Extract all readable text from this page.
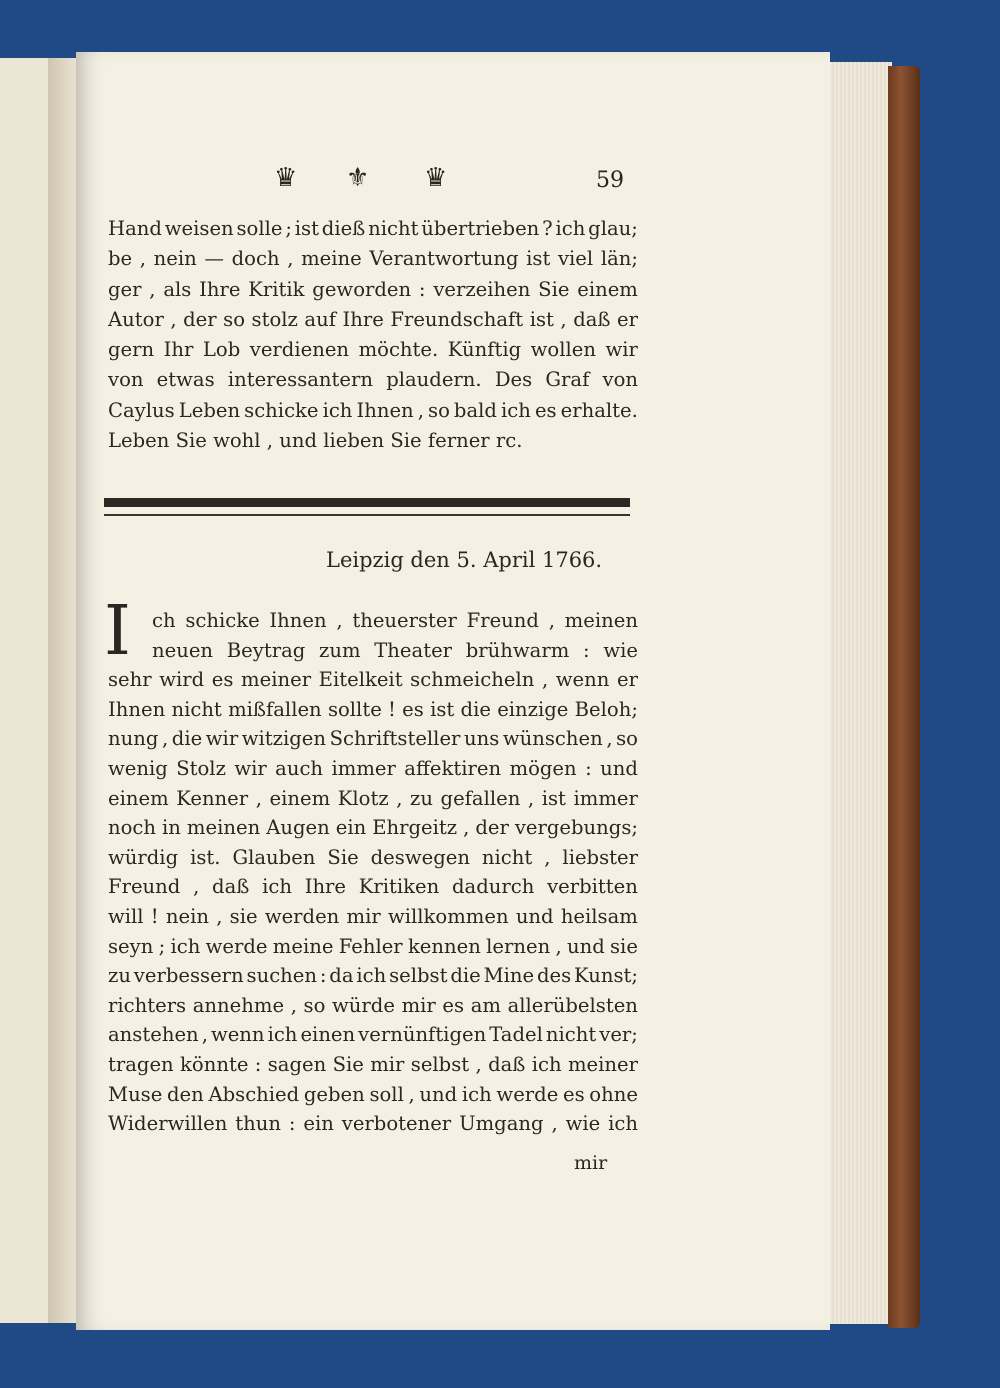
♛ ⚜ ♛	59
Hand weisen solle ; ist dieß nicht übertrieben ? ich glau;
be , nein — doch , meine Verantwortung ist viel län;
ger , als Ihre Kritik geworden : verzeihen Sie einem
Autor , der so stolz auf Ihre Freundschaft ist , daß er
gern Ihr Lob verdienen möchte. Künftig wollen wir
von etwas interessantern plaudern. Des Graf von
Caylus Leben schicke ich Ihnen , so bald ich es erhalte.
Leben Sie wohl , und lieben Sie ferner rc.
Leipzig den 5. April 1766.
I ch schicke Ihnen , theuerster Freund , meinen
neuen Beytrag zum Theater brühwarm : wie
sehr wird es meiner Eitelkeit schmeicheln , wenn er
Ihnen nicht mißfallen sollte ! es ist die einzige Beloh;
nung , die wir witzigen Schriftsteller uns wünschen , so
wenig Stolz wir auch immer affektiren mögen : und
einem Kenner , einem Klotz , zu gefallen , ist immer
noch in meinen Augen ein Ehrgeitz , der vergebungs;
würdig ist. Glauben Sie deswegen nicht , liebster
Freund , daß ich Ihre Kritiken dadurch verbitten
will ! nein , sie werden mir willkommen und heilsam
seyn ; ich werde meine Fehler kennen lernen , und sie
zu verbessern suchen : da ich selbst die Mine des Kunst;
richters annehme , so würde mir es am allerübelsten
anstehen , wenn ich einen vernünftigen Tadel nicht ver;
tragen könnte : sagen Sie mir selbst , daß ich meiner
Muse den Abschied geben soll , und ich werde es ohne
Widerwillen thun : ein verbotener Umgang , wie ich
mir
